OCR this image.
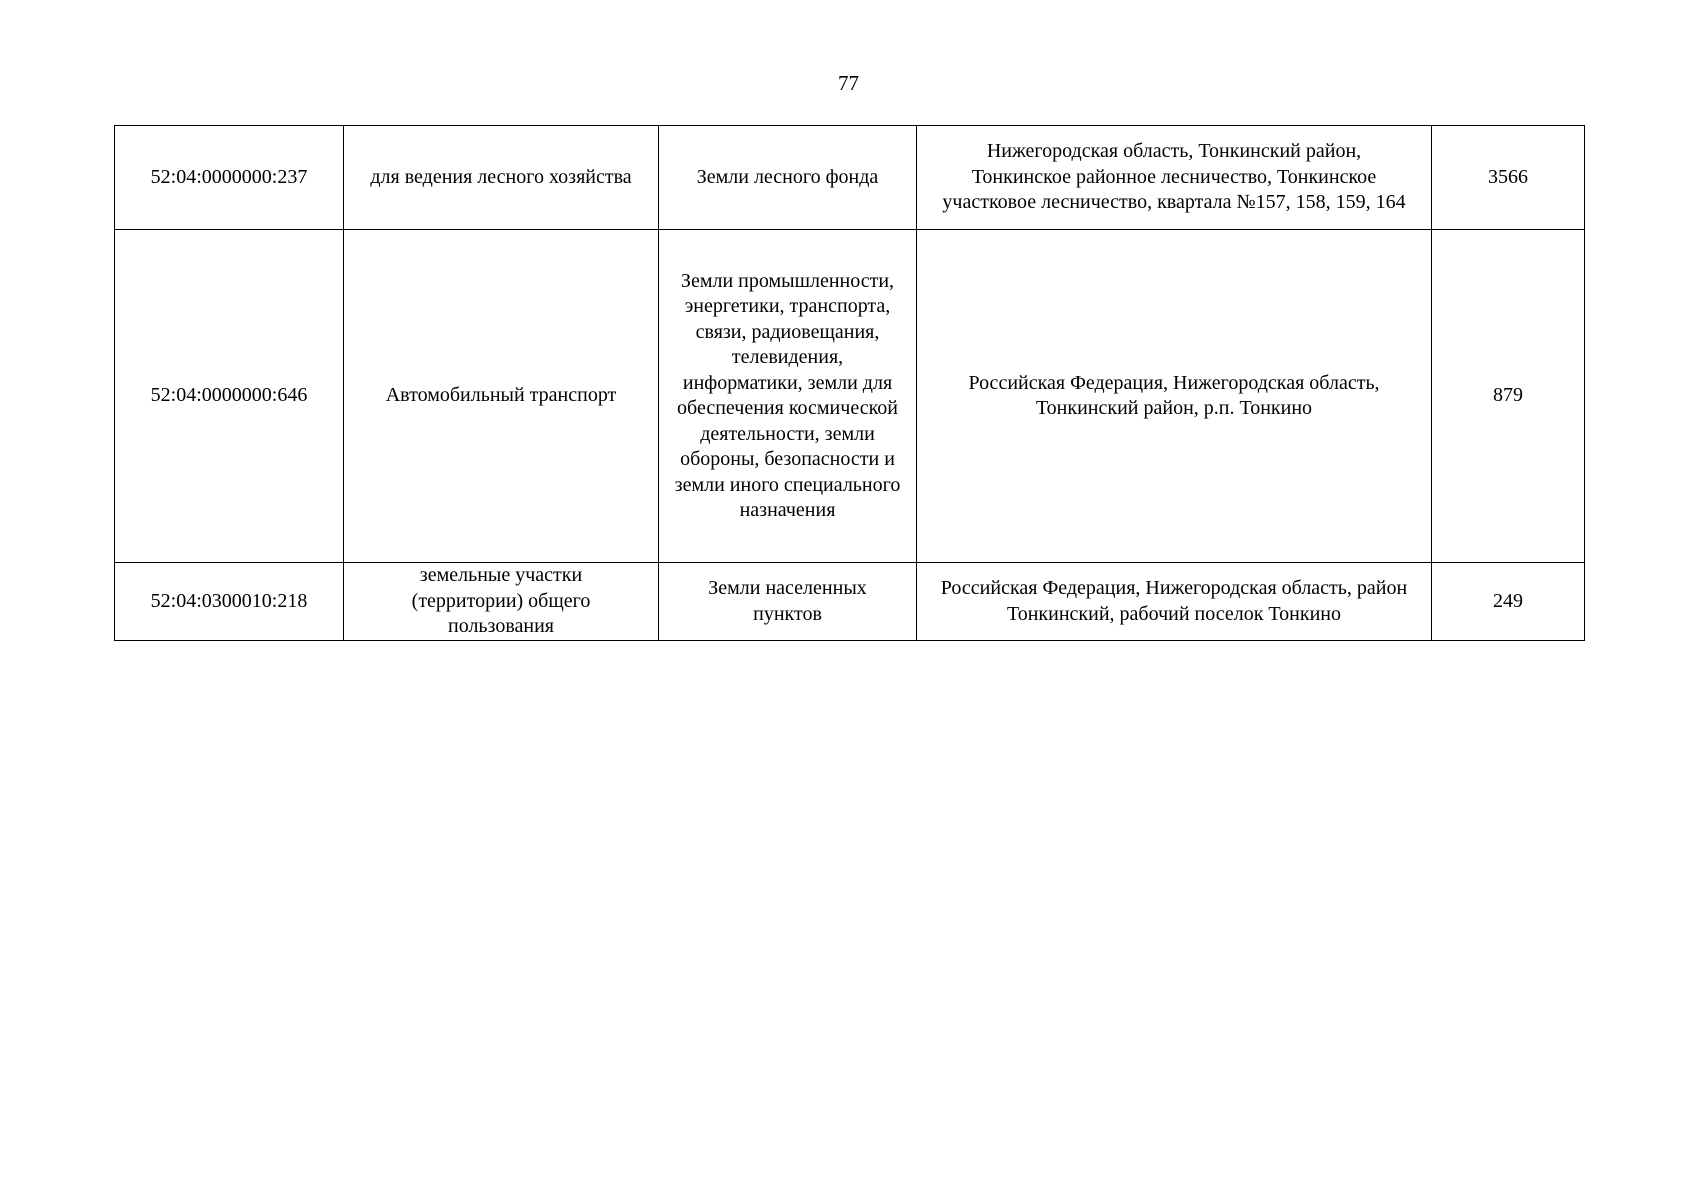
77
52:04:0000000:237	для ведения лесного хозяйства	Земли лесного фонда	Нижегородская область, Тонкинский район, Тонкинское районное лесничество, Тонкинское участковое лесничество, квартала №157, 158, 159, 164	3566
52:04:0000000:646	Автомобильный транспорт	Земли промышленности, энергетики, транспорта, связи, радиовещания, телевидения, информатики, земли для обеспечения космической деятельности, земли обороны, безопасности и земли иного специального назначения	Российская Федерация, Нижегородская область, Тонкинский район, р.п. Тонкино	879
52:04:0300010:218	земельные участки (территории) общего пользования	Земли населенных пунктов	Российская Федерация, Нижегородская область, район Тонкинский, рабочий поселок Тонкино	249
